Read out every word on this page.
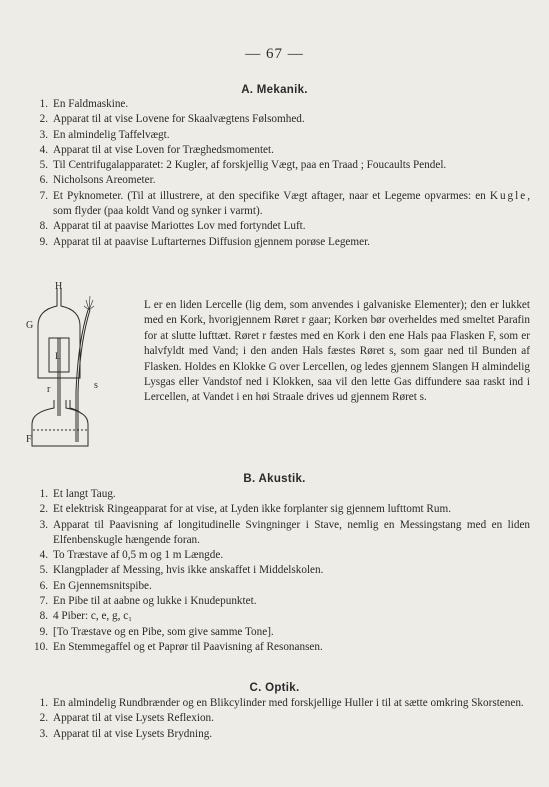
— 67 —
A. Mekanik.
1 . En Faldmaskine.
2 . Apparat til at vise Lovene for Skaalvægtens Følsomhed.
3 . En almindelig Taffelvægt.
4 . Apparat til at vise Loven for Træghedsmomentet.
5 . Til Centrifugalapparatet: 2 Kugler, af forskjellig Vægt, paa en Traad ; Foucaults Pendel.
6 . Nicholsons Areometer.
7 . Et Pyknometer. (Til at illustrere, at den specifike Vægt aftager, naar et Legeme opvarmes: en Kugle, som flyder (paa koldt Vand og synker i varmt).
8 . Apparat til at paavise Mariottes Lov med fortyndet Luft.
9 . Apparat til at paavise Luftarternes Diffusion gjennem porøse Legemer.
H
G
L
r	s
F
L er en liden Lercelle (lig dem, som anvendes i galvaniske Elementer); den er lukket med en Kork, hvorigjennem Røret r gaar; Korken bør overheldes med smeltet Parafin for at slutte lufttæt. Røret r fæstes med en Kork i den ene Hals paa Flasken F, som er halvfyldt med Vand; i den anden Hals fæstes Røret s, som gaar ned til Bunden af Flasken. Holdes en Klokke G over Lercellen, og ledes gjennem Slangen H almindelig Lysgas eller Vandstof ned i Klokken, saa vil den lette Gas diffundere saa raskt ind i Lercellen, at Vandet i en høi Straale drives ud gjennem Røret s.
B. Akustik.
1 . Et langt Taug.
2 . Et elektrisk Ringeapparat for at vise, at Lyden ikke forplanter sig gjennem lufttomt Rum.
3 . Apparat til Paavisning af longitudinelle Svingninger i Stave, nemlig en Messingstang med en liden Elfenbenskugle hængende foran.
4 . To Træstave af 0,5 m og 1 m Længde.
5 . Klangplader af Messing, hvis ikke anskaffet i Middelskolen.
6 . En Gjennemsnitspibe.
7 . En Pibe til at aabne og lukke i Knudepunktet.
8 . 4 Piber: c, e, g, c₁
9 . [To Træstave og en Pibe, som give samme Tone].
10 . En Stemmegaffel og et Paprør til Paavisning af Resonansen.
C. Optik.
1 . En almindelig Rundbrænder og en Blikcylinder med forskjellige Huller i til at sætte omkring Skorstenen.
2 . Apparat til at vise Lysets Reflexion.
3 . Apparat til at vise Lysets Brydning.
